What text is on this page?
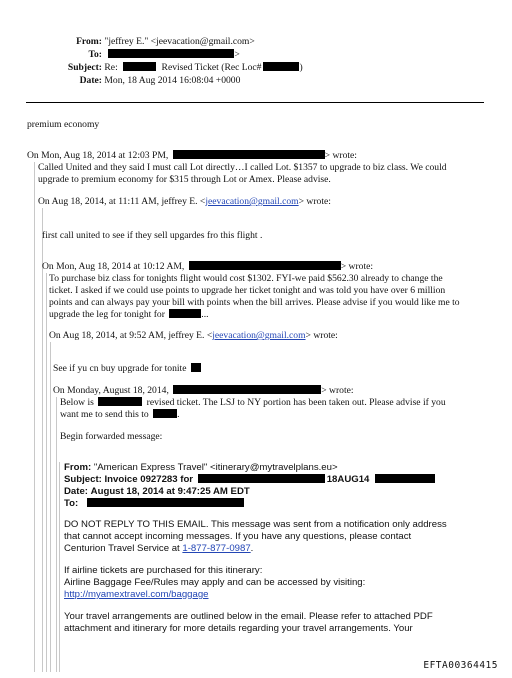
From: "jeffrey E." <jeevacation@gmail.com>
To:	>
Subject: Re:	Revised Ticket (Rec Loc#	)
Date: Mon, 18 Aug 2014 16:08:04 +0000
premium economy
On Mon, Aug 18, 2014 at 12:03 PM,	> wrote:
Called United and they said I must call Lot directly…I called Lot. $1357 to upgrade to biz class. We could
upgrade to premium economy for $315 through Lot or Amex. Please advise.
On Aug 18, 2014, at 11:11 AM, jeffrey E. <jeevacation@gmail.com> wrote:
first call united to see if they sell upgardes fro this flight .
On Mon, Aug 18, 2014 at 10:12 AM,	> wrote:
To purchase biz class for tonights flight would cost $1302. FYI-we paid $562.30 already to change the
ticket. I asked if we could use points to upgrade her ticket tonight and was told you have over 6 million
points and can always pay your bill with points when the bill arrives. Please advise if you would like me to
upgrade the leg for tonight for	...
On Aug 18, 2014, at 9:52 AM, jeffrey E. <jeevacation@gmail.com> wrote:
See if yu cn buy upgrade for tonite
On Monday, August 18, 2014,	> wrote:
Below is	revised ticket. The LSJ to NY portion has been taken out. Please advise if you
want me to send this to	.
Begin forwarded message:
From: "American Express Travel" <itinerary@mytravelplans.eu>
Subject: Invoice 0927283 for	18AUG14
Date: August 18, 2014 at 9:47:25 AM EDT
To:
DO NOT REPLY TO THIS EMAIL. This message was sent from a notification only address
that cannot accept incoming messages. If you have any questions, please contact
Centurion Travel Service at 1-877-877-0987.
If airline tickets are purchased for this itinerary:
Airline Baggage Fee/Rules may apply and can be accessed by visiting:
http://myamextravel.com/baggage
Your travel arrangements are outlined below in the email. Please refer to attached PDF
attachment and itinerary for more details regarding your travel arrangements. Your
EFTA00364415
